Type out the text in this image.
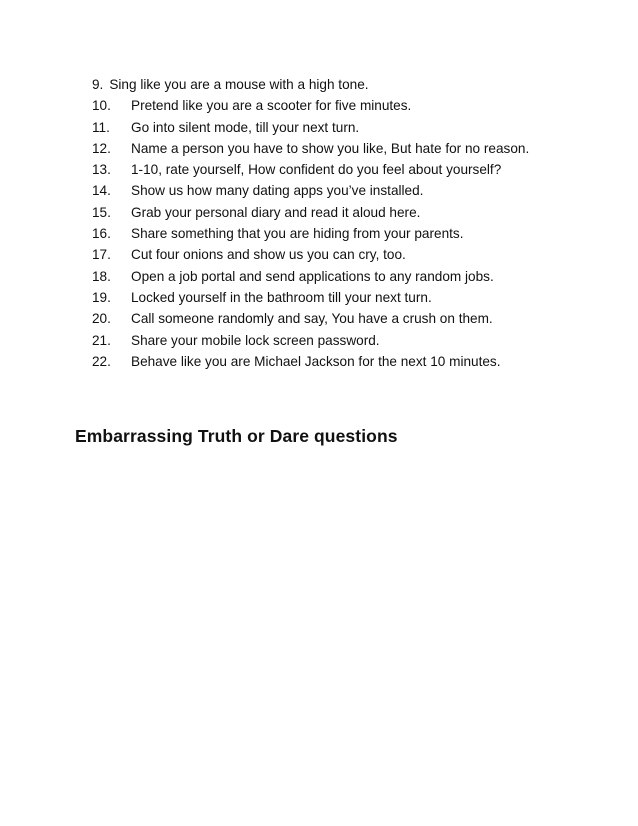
9. Sing like you are a mouse with a high tone.
10.	Pretend like you are a scooter for five minutes.
11.	Go into silent mode, till your next turn.
12.	Name a person you have to show you like, But hate for no reason.
13.	1-10, rate yourself, How confident do you feel about yourself?
14.	Show us how many dating apps you’ve installed.
15.	Grab your personal diary and read it aloud here.
16.	Share something that you are hiding from your parents.
17.	Cut four onions and show us you can cry, too.
18.	Open a job portal and send applications to any random jobs.
19.	Locked yourself in the bathroom till your next turn.
20.	Call someone randomly and say, You have a crush on them.
21.	Share your mobile lock screen password.
22.	Behave like you are Michael Jackson for the next 10 minutes.
Embarrassing Truth or Dare questions
